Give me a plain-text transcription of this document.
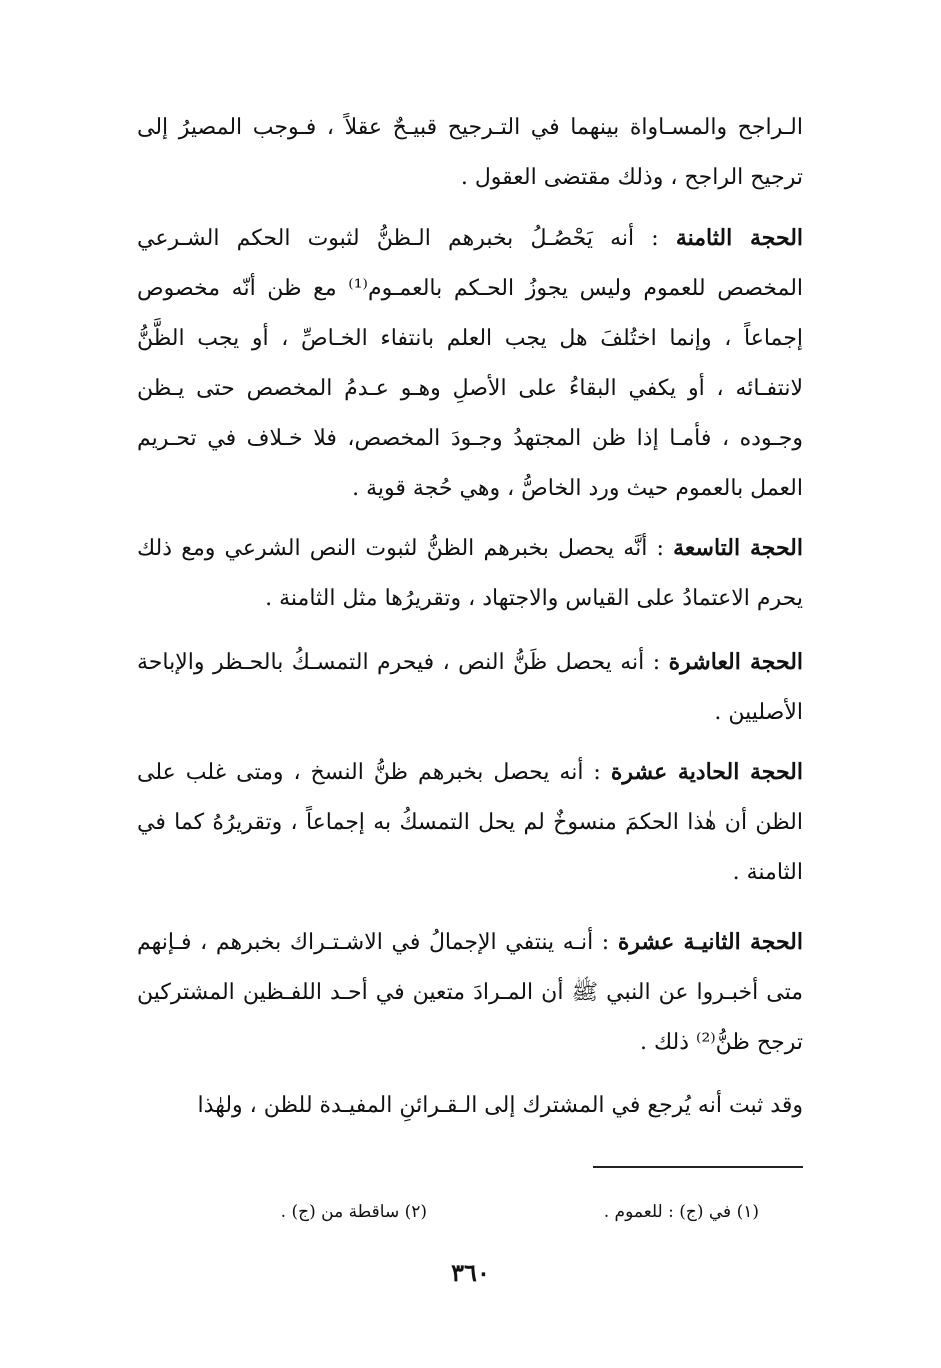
الـراجح والمسـاواة بينهما في التـرجيح قبيـحٌ عقلاً ، فـوجب المصيرُ إلى ترجيح الراجح ، وذلك مقتضى العقول .

الحجة الثامنة : أنه يَحْصُـلُ بخبرهم الـظنُّ لثبوت الحكم الشـرعي المخصص للعموم وليس يجوزُ الحـكم بالعمـوم⁽¹⁾ مع ظن أنّه مخصوص إجماعاً ، وإنما اختُلفَ هل يجب العلم بانتفاء الخـاصِّ ، أو يجب الظَّنُّ لانتفـائه ، أو يكفي البقاءُ على الأصلِ وهـو عـدمُ المخصص حتى يـظن وجـوده ، فأمـا إذا ظن المجتهدُ وجـودَ المخصص، فلا خـلاف في تحـريم العمل بالعموم حيث ورد الخاصُّ ، وهي حُجة قوية .

الحجة التاسعة : أنَّه يحصل بخبرهم الظنُّ لثبوت النص الشرعي ومع ذلك يحرم الاعتمادُ على القياس والاجتهاد ، وتقريرُها مثل الثامنة .

الحجة العاشرة : أنه يحصل ظَنُّ النص ، فيحرم التمسـكُ بالحـظر والإباحة الأصليين .

الحجة الحادية عشرة : أنه يحصل بخبرهم ظنُّ النسخ ، ومتى غلب على الظن أن هٰذا الحكمَ منسوخٌ لم يحل التمسكُ به إجماعاً ، وتقريرُهُ كما في الثامنة .

الحجة الثانيـة عشرة : أنـه ينتفي الإجمالُ في الاشـتـراك بخبرهم ، فـإنهم متى أخبـروا عن النبي ﷺ أن المـرادَ متعين في أحـد اللفـظين المشتركين ترجح ظنُّ⁽²⁾ ذلك .

وقد ثبت أنه يُرجع في المشترك إلى الـقـرائنِ المفيـدة للظن ، ولهٰذا

(١) في (ج) : للعموم .
(٢) ساقطة من (ج) .
٣٦٠
